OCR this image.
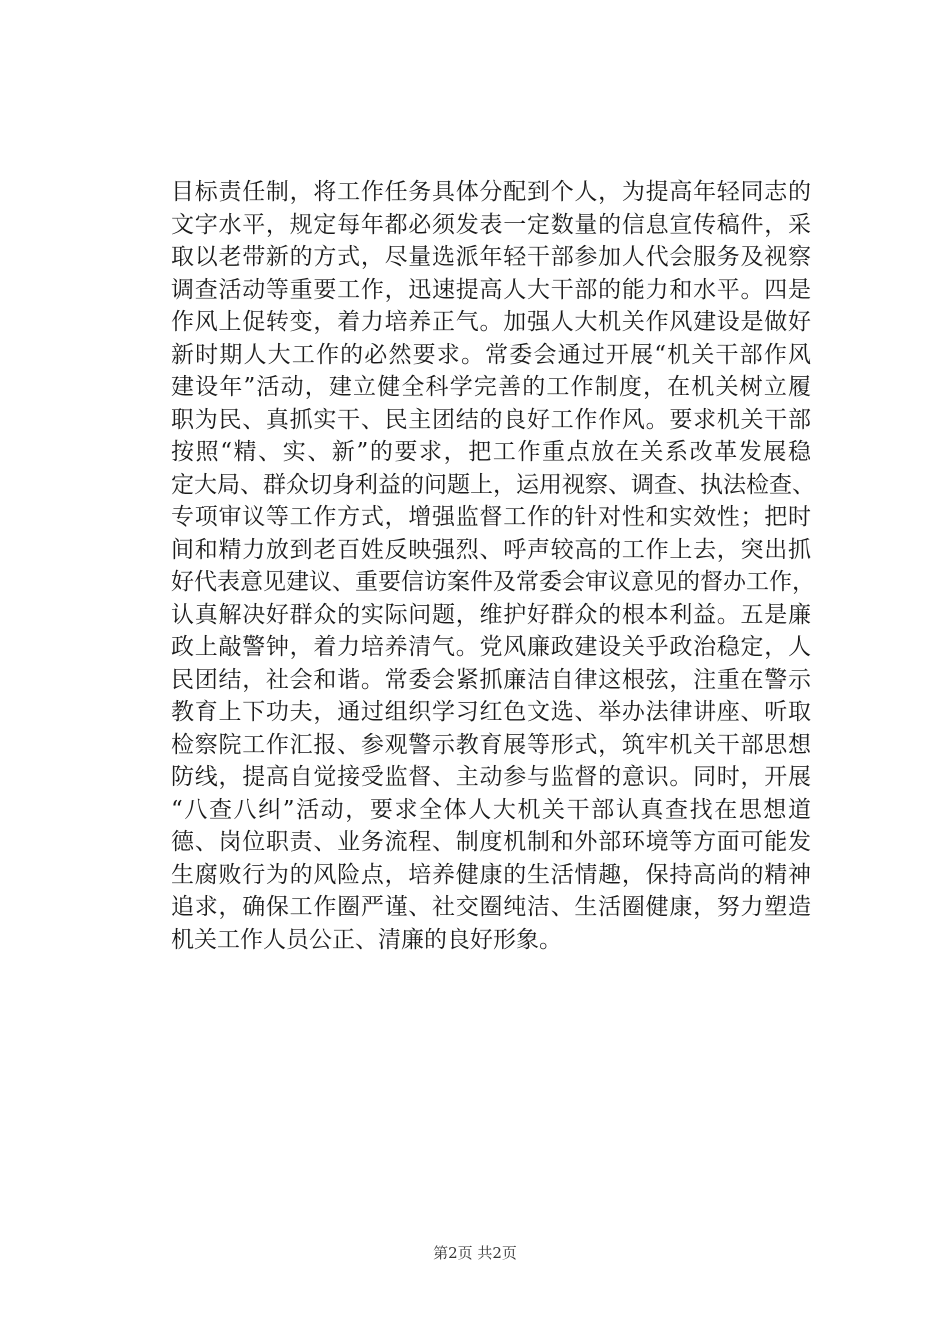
目标责任制，将工作任务具体分配到个人，为提高年轻同志的
文字水平，规定每年都必须发表一定数量的信息宣传稿件，采
取以老带新的方式，尽量选派年轻干部参加人代会服务及视察
调查活动等重要工作，迅速提高人大干部的能力和水平。四是
作风上促转变，着力培养正气。加强人大机关作风建设是做好
新时期人大工作的必然要求。常委会通过开展“机关干部作风
建设年”活动，建立健全科学完善的工作制度，在机关树立履
职为民、真抓实干、民主团结的良好工作作风。要求机关干部
按照“精、实、新”的要求，把工作重点放在关系改革发展稳
定大局、群众切身利益的问题上，运用视察、调查、执法检查、
专项审议等工作方式，增强监督工作的针对性和实效性；把时
间和精力放到老百姓反映强烈、呼声较高的工作上去，突出抓
好代表意见建议、重要信访案件及常委会审议意见的督办工作，
认真解决好群众的实际问题，维护好群众的根本利益。五是廉
政上敲警钟，着力培养清气。党风廉政建设关乎政治稳定，人
民团结，社会和谐。常委会紧抓廉洁自律这根弦，注重在警示
教育上下功夫，通过组织学习红色文选、举办法律讲座、听取
检察院工作汇报、参观警示教育展等形式，筑牢机关干部思想
防线，提高自觉接受监督、主动参与监督的意识。同时，开展
“八查八纠”活动，要求全体人大机关干部认真查找在思想道
德、岗位职责、业务流程、制度机制和外部环境等方面可能发
生腐败行为的风险点，培养健康的生活情趣，保持高尚的精神
追求，确保工作圈严谨、社交圈纯洁、生活圈健康，努力塑造
机关工作人员公正、清廉的良好形象。
第2页 共2页
